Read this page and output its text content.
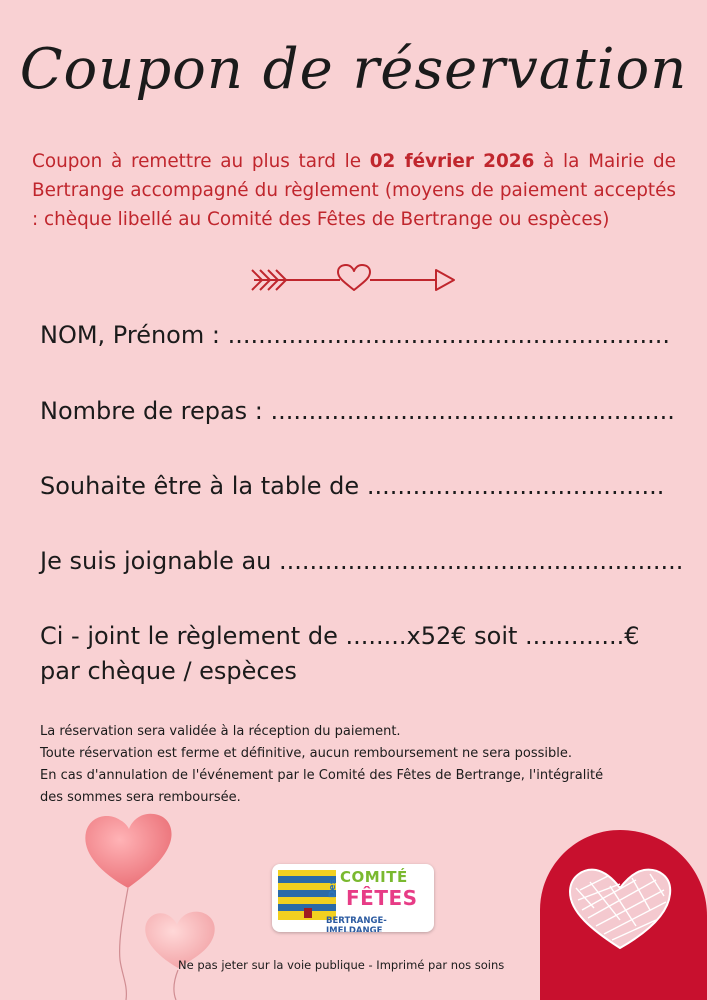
Coupon de réservation
Coupon à remettre au plus tard le 02 février 2026 à la Mairie de Bertrange accompagné du règlement (moyens de paiement acceptés : chèque libellé au Comité des Fêtes de Bertrange ou espèces)
NOM, Prénom : ..........................................................
Nombre de repas : .....................................................
Souhaite être à la table de .......................................
Je suis joignable au .....................................................
Ci - joint le règlement de ........x52€ soit .............€
par chèque / espèces
La réservation sera validée à la réception du paiement.
Toute réservation est ferme et définitive, aucun remboursement ne sera possible.
En cas d'annulation de l'événement par le Comité des Fêtes de Bertrange, l'intégralité
des sommes sera remboursée.
COMITÉ
Des FÊTES
BERTRANGE-IMELDANGE
Ne pas jeter sur la voie publique - Imprimé par nos soins
